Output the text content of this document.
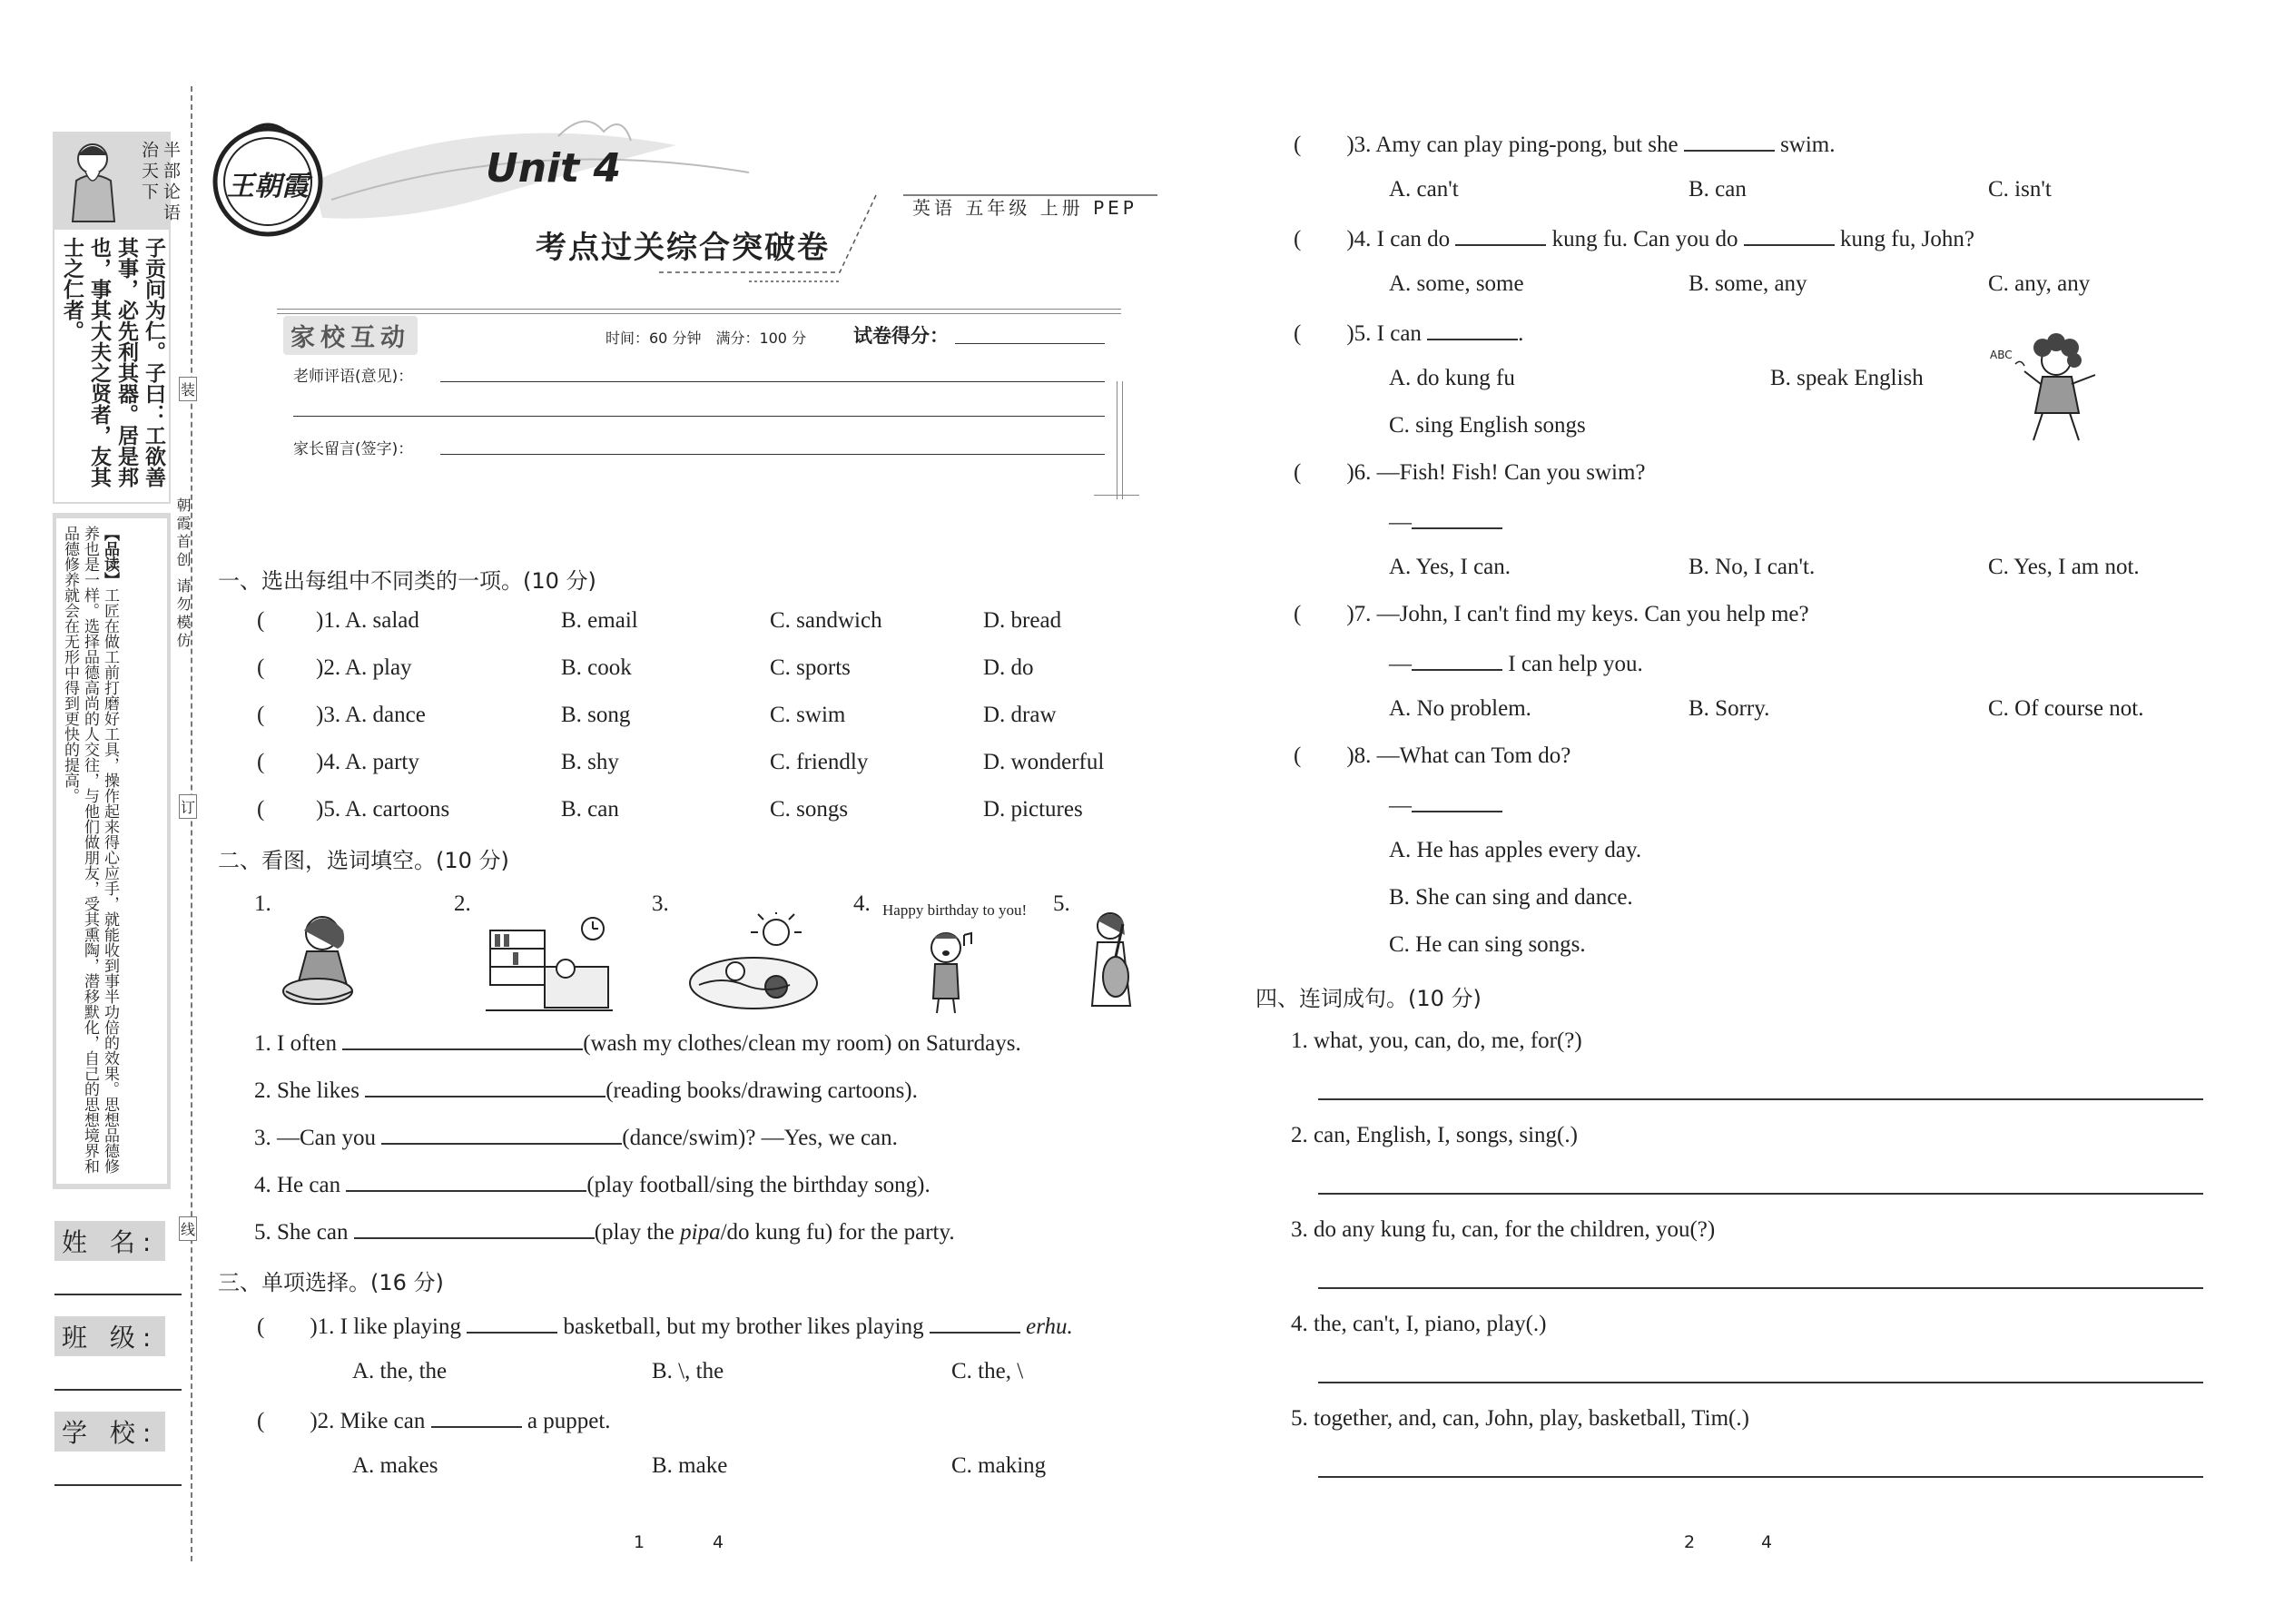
半部论语治天下
子贡问为仁。子曰：工欲善其事，必先利其器。居是邦也，事其大夫之贤者，友其士之仁者。
【品读】工匠在做工前打磨好工具，操作起来得心应手，就能收到事半功倍的效果。思想品德修养也是一样。选择品德高尚的人交往，与他们做朋友，受其熏陶，潜移默化，自己的思想境界和品德修养就会在无形中得到更快的提高。	朝霞首创 请勿模仿
装
订
线
姓 名:
班 级:
学 校:
王朝霞	Unit 4
考点过关综合突破卷
英语 五年级 上册 PEP
家校互动	时间：60 分钟　满分：100 分 试卷得分：
老师评语(意见)：
家长留言(签字)：
一、选出每组中不同类的一项。(10 分)
( )1. A. salad	B. email	C. sandwich	D. bread
( )2. A. play	B. cook	C. sports	D. do
( )3. A. dance	B. song	C. swim	D. draw
( )4. A. party	B. shy	C. friendly	D. wonderful
( )5. A. cartoons	B. can	C. songs	D. pictures
二、看图，选词填空。(10 分)
1.	2.	3.	4.	5.
Happy birthday to you!
1. I often	(wash my clothes/clean my room) on Saturdays.
2. She likes	(reading books/drawing cartoons).
3. —Can you	(dance/swim)? —Yes, we can.
4. He can	(play football/sing the birthday song).
5. She can	(play the pipa/do kung fu) for the party.
三、单项选择。(16 分)
( )1. I like playing	basketball, but my brother likes playing	erhu.
A. the, the	B. \, the	C. the, \
( )2. Mike can	a puppet.
A. makes	B. make	C. making
1	4
( )3. Amy can play ping-pong, but she	swim.
A. can't	B. can	C. isn't
( )4. I can do	kung fu. Can you do	kung fu, John?
A. some, some	B. some, any	C. any, any
( )5. I can	.
A. do kung fu	B. speak English
C. sing English songs
ABC
( )6. —Fish! Fish! Can you swim?
—
A. Yes, I can.	B. No, I can't.	C. Yes, I am not.
( )7. —John, I can't find my keys. Can you help me?
—	I can help you.
A. No problem.	B. Sorry.	C. Of course not.
( )8. —What can Tom do?
—
A. He has apples every day.
B. She can sing and dance.
C. He can sing songs.
四、连词成句。(10 分)
1. what, you, can, do, me, for(?)
2. can, English, I, songs, sing(.)
3. do any kung fu, can, for the children, you(?)
4. the, can't, I, piano, play(.)
5. together, and, can, John, play, basketball, Tim(.)
2	4
